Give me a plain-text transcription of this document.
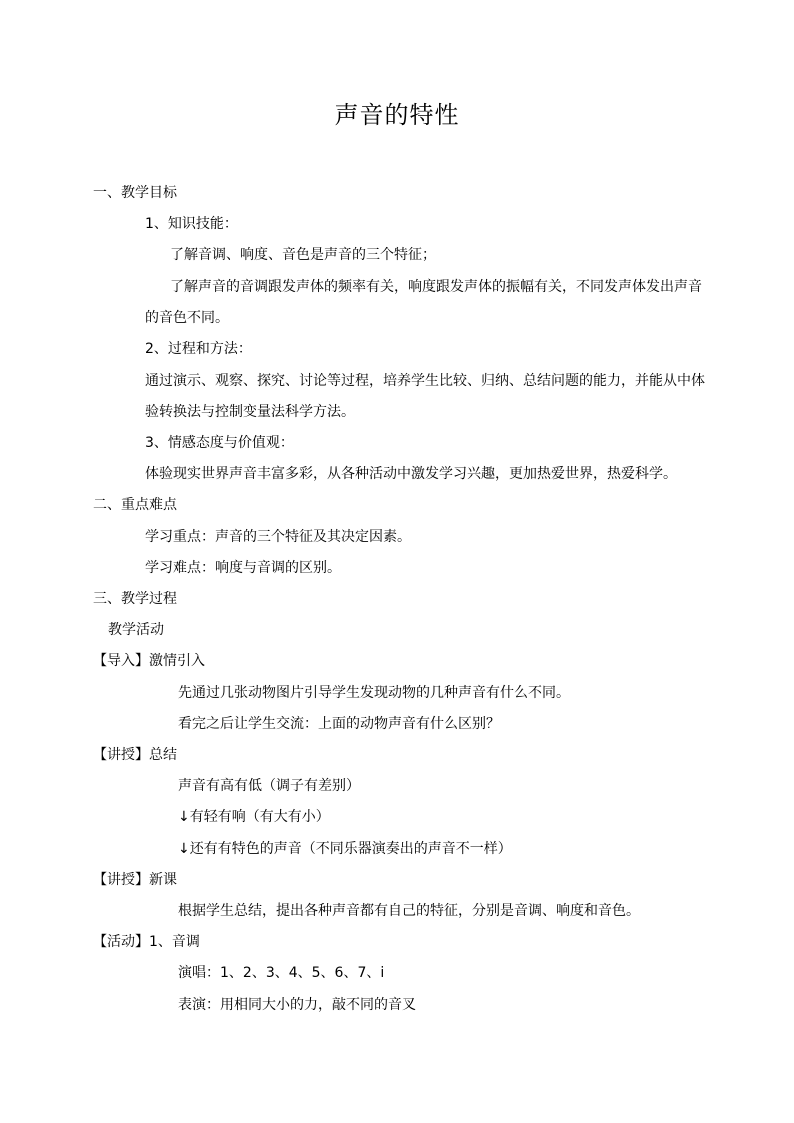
声音的特性
一、教学目标
1、知识技能：
了解音调、响度、音色是声音的三个特征；
了解声音的音调跟发声体的频率有关，响度跟发声体的振幅有关，不同发声体发出声音
的音色不同。
2、过程和方法：
通过演示、观察、探究、讨论等过程，培养学生比较、归纳、总结问题的能力，并能从中体
验转换法与控制变量法科学方法。
3、情感态度与价值观：
体验现实世界声音丰富多彩，从各种活动中激发学习兴趣，更加热爱世界，热爱科学。
二、重点难点
学习重点：声音的三个特征及其决定因素。
学习难点：响度与音调的区别。
三、教学过程
教学活动
【导入】激情引入
先通过几张动物图片引导学生发现动物的几种声音有什么不同。
看完之后让学生交流：上面的动物声音有什么区别？
【讲授】总结
声音有高有低（调子有差别）
↓有轻有响（有大有小）
↓还有有特色的声音（不同乐器演奏出的声音不一样）
【讲授】新课
根据学生总结，提出各种声音都有自己的特征，分别是音调、响度和音色。
【活动】1、音调
演唱：1、2、3、4、5、6、7、i
表演：用相同大小的力，敲不同的音叉
